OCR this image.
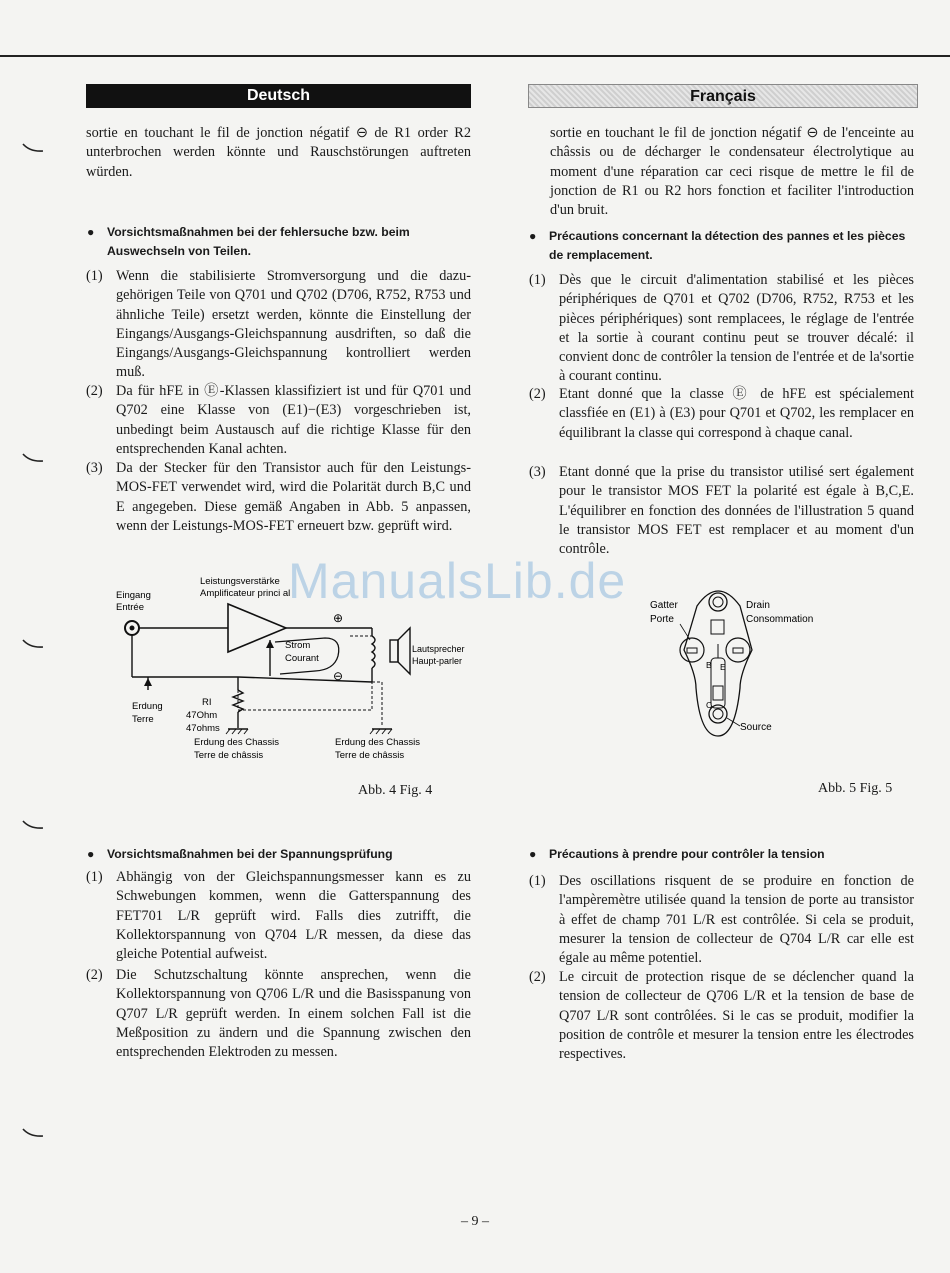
Deutsch	Français
sortie en touchant le fil de jonction négatif ⊖ de R1 order R2 unterbrochen werden könnte und Rauschstörungen auftreten würden.
● Vorsichtsmaßnahmen bei der fehlersuche bzw. beim Auswechseln von Teilen.
(1) Wenn die stabilisierte Stromversorgung und die dazugehörigen Teile von Q701 und Q702 (D706, R752, R753 und ähnliche Teile) ersetzt werden, könnte die Einstellung der Eingangs/Ausgangs-Gleichspannung ausdriften, so daß die Eingangs/Ausgangs-Gleichspannung kontrolliert werden muß.
(2) Da für hFE in Ⓔ-Klassen klassifiziert ist und für Q701 und Q702 eine Klasse von (E1)−(E3) vorgeschrieben ist, unbedingt beim Austausch auf die richtige Klasse für den entsprechenden Kanal achten.
(3) Da der Stecker für den Transistor auch für den Leistungs-MOS-FET verwendet wird, wird die Polarität durch B,C und E angegeben. Diese gemäß Angaben in Abb. 5 anpassen, wenn der Leistungs-MOS-FET erneuert bzw. geprüft wird.
Leistungsverstärke
Amplificateur princi al
Eingang
Entrée
⊕
Lautsprecher
Haupt-parler
Strom
Courant
⊖
Erdung
Terre
RI
47Ohm
47ohms
Erdung des Chassis
Terre de châssis
Erdung des Chassis
Terre de châssis
Abb. 4 Fig. 4
● Vorsichtsmaßnahmen bei der Spannungsprüfung
(1) Abhängig von der Gleichspannungsmesser kann es zu Schwebungen kommen, wenn die Gatterspannung des FET701 L/R geprüft wird. Falls dies zutrifft, die Kollektorspannung von Q704 L/R messen, da diese das gleiche Potential aufweist.
(2) Die Schutzschaltung könnte ansprechen, wenn die Kollektorspannung von Q706 L/R und die Basisspanung von Q707 L/R geprüft werden. In einem solchen Fall ist die Meßposition zu ändern und die Spannung zwischen den entsprechenden Elektroden zu messen.
sortie en touchant le fil de jonction négatif ⊖ de l'enceinte au châssis ou de décharger le condensateur électrolytique au moment d'une réparation car ceci risque de mettre le fil de jonction de R1 ou R2 hors fonction et faciliter l'introduction d'un bruit.
● Précautions concernant la détection des pannes et les pièces de remplacement.
(1) Dès que le circuit d'alimentation stabilisé et les pièces périphériques de Q701 et Q702 (D706, R752, R753 et les pièces périphériques) sont remplacees, le réglage de l'entrée et la sortie à courant continu peut se trouver décalé: il convient donc de contrôler la tension de l'entrée et de la'sortie à courant continu.
(2) Etant donné que la classe Ⓔ de hFE est spécialement classfiée en (E1) à (E3) pour Q701 et Q702, les remplacer en équilibrant la classe qui correspond à chaque canal.
(3) Etant donné que la prise du transistor utilisé sert également pour le transistor MOS FET la polarité est égale à B,C,E. L'équilibrer en fonction des données de l'illustration 5 quand le transistor MOS FET est remplacer et au moment d'un contrôle.
B E
C
Gatter
Porte
Drain
Consommation
Source
Abb. 5 Fig. 5
● Précautions à prendre pour contrôler la tension
(1) Des oscillations risquent de se produire en fonction de l'ampèremètre utilisée quand la tension de porte au transistor à effet de champ 701 L/R est contrôlée. Si cela se produit, mesurer la tension de collecteur de Q704 L/R car elle est égale au même potentiel.
(2) Le circuit de protection risque de se déclencher quand la tension de collecteur de Q706 L/R et la tension de base de Q707 L/R sont contrôlées. Si le cas se produit, modifier la position de contrôle et mesurer la tension entre les électrodes respectives.
ManualsLib.de
– 9 –
